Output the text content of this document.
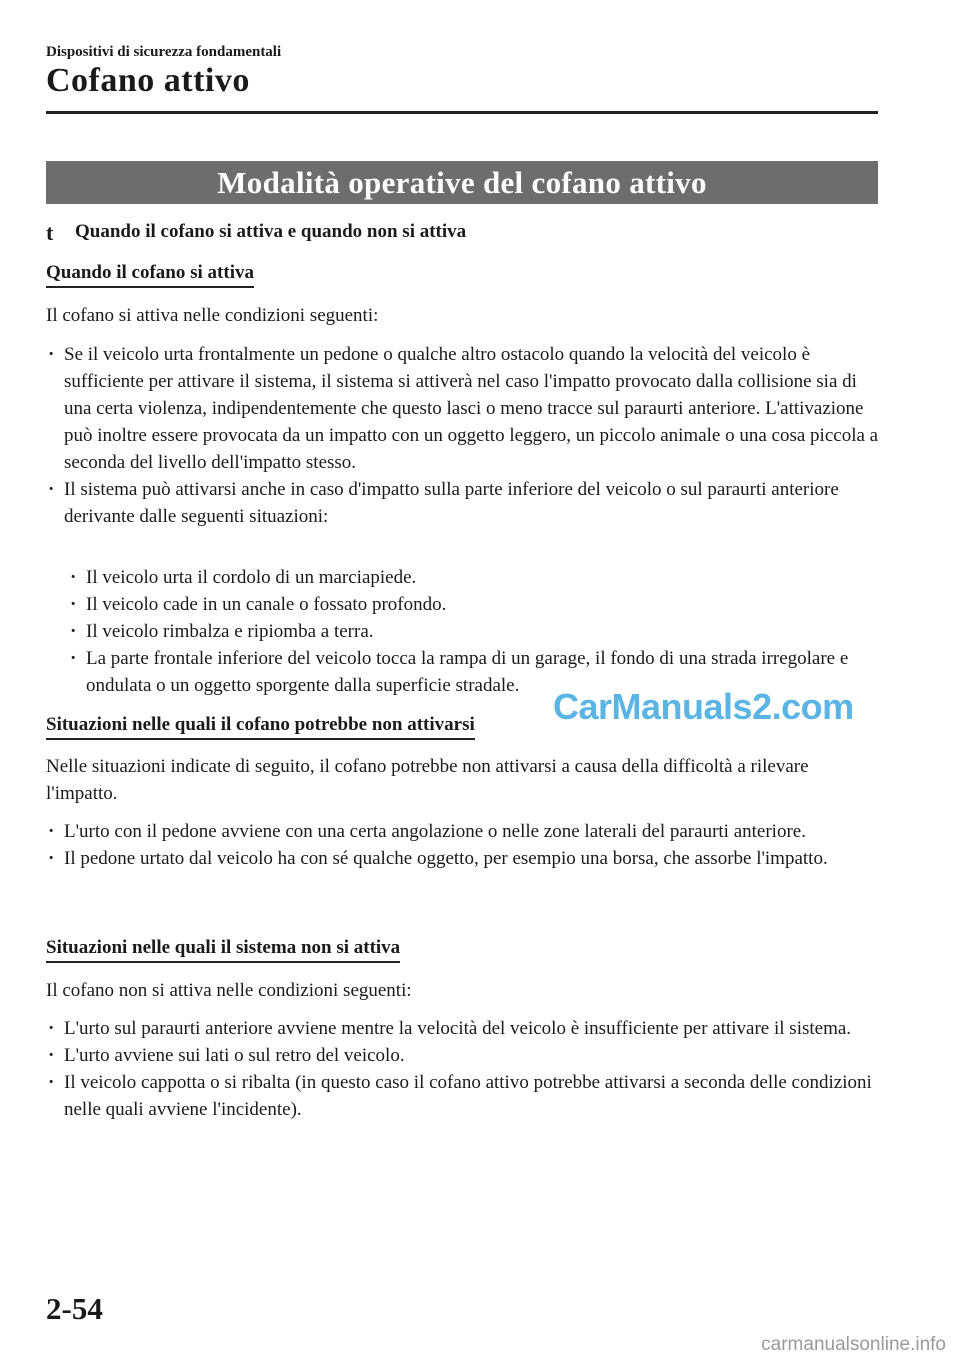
Dispositivi di sicurezza fondamentali
Cofano attivo
Modalità operative del cofano attivo
t Quando il cofano si attiva e quando non si attiva
Quando il cofano si attiva
Il cofano si attiva nelle condizioni seguenti:
· Se il veicolo urta frontalmente un pedone o qualche altro ostacolo quando la velocità del veicolo è sufficiente per attivare il sistema, il sistema si attiverà nel caso l'impatto provocato dalla collisione sia di una certa violenza, indipendentemente che questo lasci o meno tracce sul paraurti anteriore. L'attivazione può inoltre essere provocata da un impatto con un oggetto leggero, un piccolo animale o una cosa piccola a seconda del livello dell'impatto stesso.
· Il sistema può attivarsi anche in caso d'impatto sulla parte inferiore del veicolo o sul paraurti anteriore derivante dalle seguenti situazioni:
· Il veicolo urta il cordolo di un marciapiede.
· Il veicolo cade in un canale o fossato profondo.
· Il veicolo rimbalza e ripiomba a terra.
· La parte frontale inferiore del veicolo tocca la rampa di un garage, il fondo di una strada irregolare e ondulata o un oggetto sporgente dalla superficie stradale.
Situazioni nelle quali il cofano potrebbe non attivarsi
Nelle situazioni indicate di seguito, il cofano potrebbe non attivarsi a causa della difficoltà a rilevare l'impatto.
· L'urto con il pedone avviene con una certa angolazione o nelle zone laterali del paraurti anteriore.
· Il pedone urtato dal veicolo ha con sé qualche oggetto, per esempio una borsa, che assorbe l'impatto.
Situazioni nelle quali il sistema non si attiva
Il cofano non si attiva nelle condizioni seguenti:
· L'urto sul paraurti anteriore avviene mentre la velocità del veicolo è insufficiente per attivare il sistema.
· L'urto avviene sui lati o sul retro del veicolo.
· Il veicolo cappotta o si ribalta (in questo caso il cofano attivo potrebbe attivarsi a seconda delle condizioni nelle quali avviene l'incidente).
CarManuals2.com
2-54
carmanualsonline.info
